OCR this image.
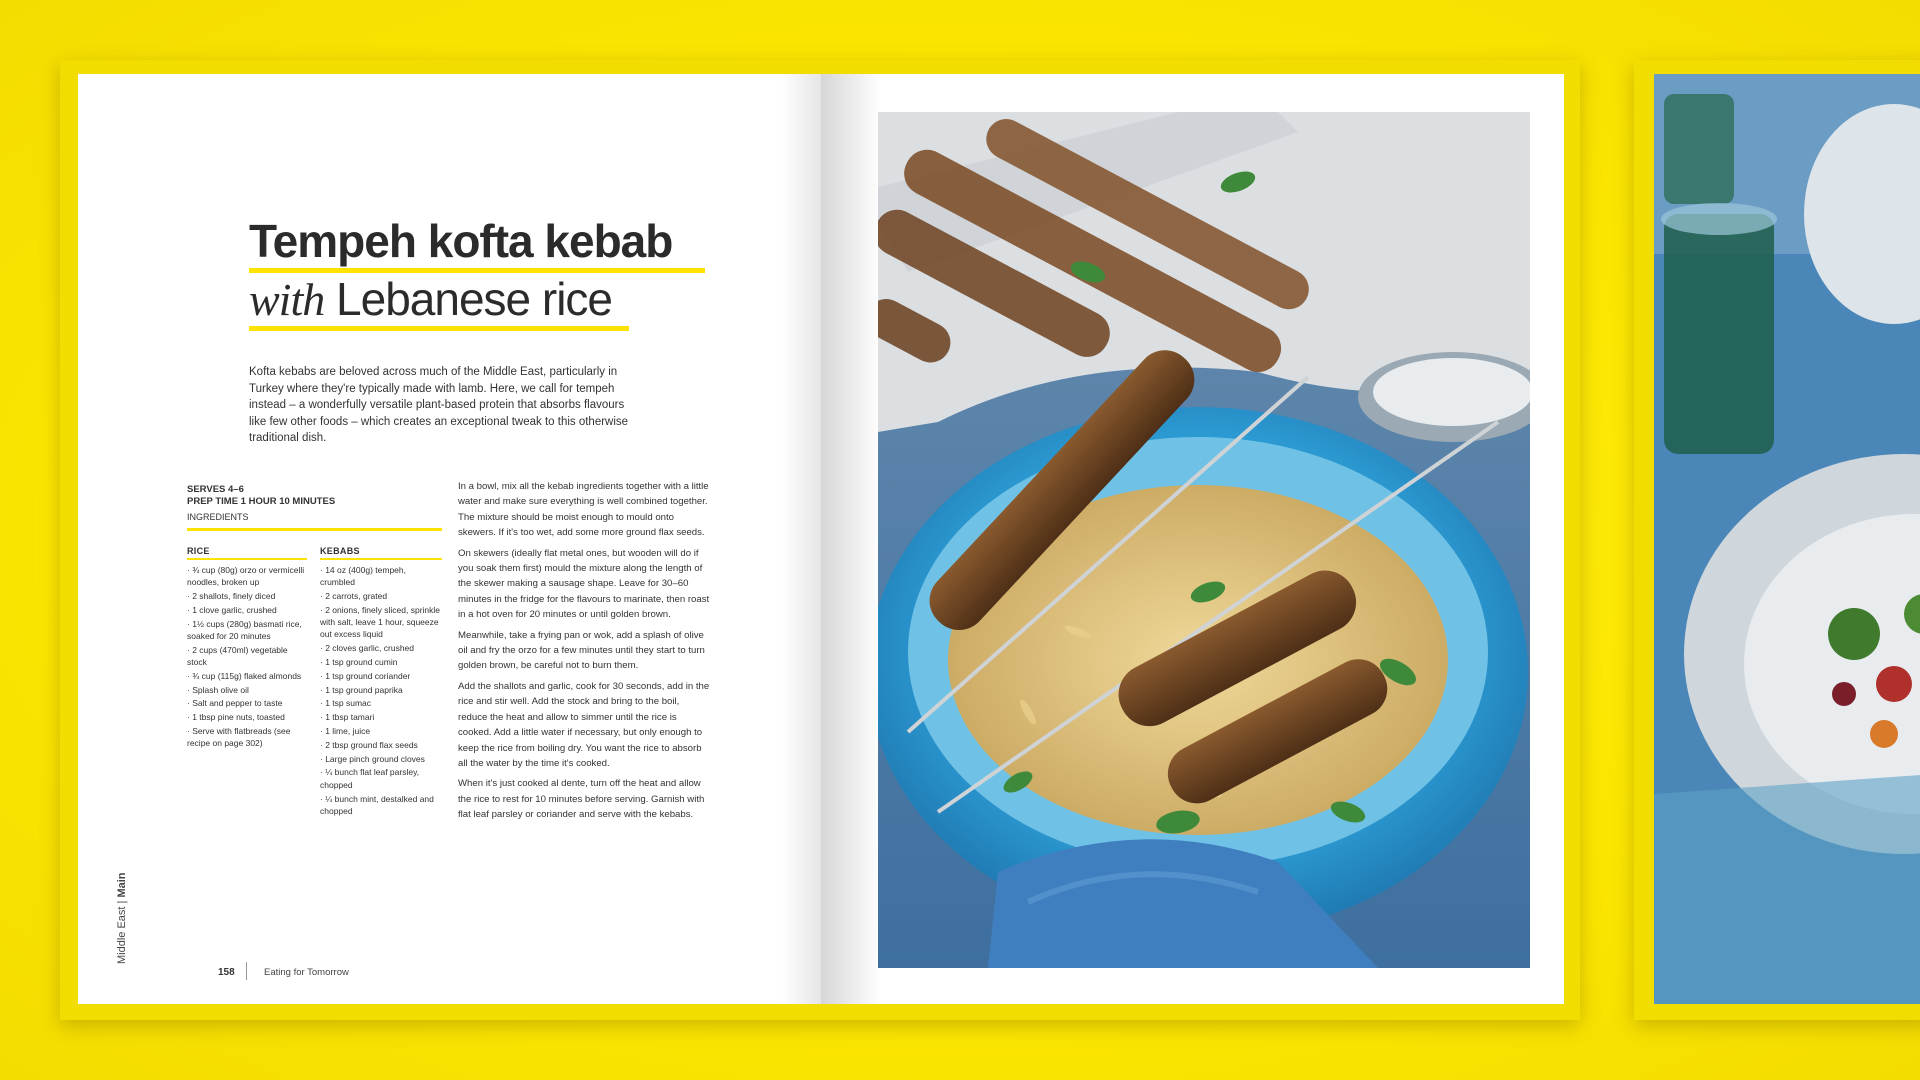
Tempeh kofta kebab
with Lebanese rice

Kofta kebabs are beloved across much of the Middle East, particularly in Turkey where they're typically made with lamb. Here, we call for tempeh instead – a wonderfully versatile plant-based protein that absorbs flavours like few other foods – which creates an exceptional tweak to this otherwise traditional dish.

SERVES 4–6
PREP TIME 1 HOUR 10 MINUTES
INGREDIENTS
RICE
· ¾ cup (80g) orzo or vermicelli noodles, broken up
· 2 shallots, finely diced
· 1 clove garlic, crushed
· 1½ cups (280g) basmati rice, soaked for 20 minutes
· 2 cups (470ml) vegetable stock
· ¾ cup (115g) flaked almonds
· Splash olive oil
· Salt and pepper to taste
· 1 tbsp pine nuts, toasted
· Serve with flatbreads (see recipe on page 302)
KEBABS
· 14 oz (400g) tempeh, crumbled
· 2 carrots, grated
· 2 onions, finely sliced, sprinkle with salt, leave 1 hour, squeeze out excess liquid
· 2 cloves garlic, crushed
· 1 tsp ground cumin
· 1 tsp ground coriander
· 1 tsp ground paprika
· 1 tsp sumac
· 1 tbsp tamari
· 1 lime, juice
· 2 tbsp ground flax seeds
· Large pinch ground cloves
· ¼ bunch flat leaf parsley, chopped
· ¼ bunch mint, destalked and chopped

In a bowl, mix all the kebab ingredients together with a little water and make sure everything is well combined together. The mixture should be moist enough to mould onto skewers. If it's too wet, add some more ground flax seeds.

On skewers (ideally flat metal ones, but wooden will do if you soak them first) mould the mixture along the length of the skewer making a sausage shape. Leave for 30–60 minutes in the fridge for the flavours to marinate, then roast in a hot oven for 20 minutes or until golden brown.

Meanwhile, take a frying pan or wok, add a splash of olive oil and fry the orzo for a few minutes until they start to turn golden brown, be careful not to burn them.

Add the shallots and garlic, cook for 30 seconds, add in the rice and stir well. Add the stock and bring to the boil, reduce the heat and allow to simmer until the rice is cooked. Add a little water if necessary, but only enough to keep the rice from boiling dry. You want the rice to absorb all the water by the time it's cooked.

When it's just cooked al dente, turn off the heat and allow the rice to rest for 10 minutes before serving. Garnish with flat leaf parsley or coriander and serve with the kebabs.

Middle East | Main
158	Eating for Tomorrow
